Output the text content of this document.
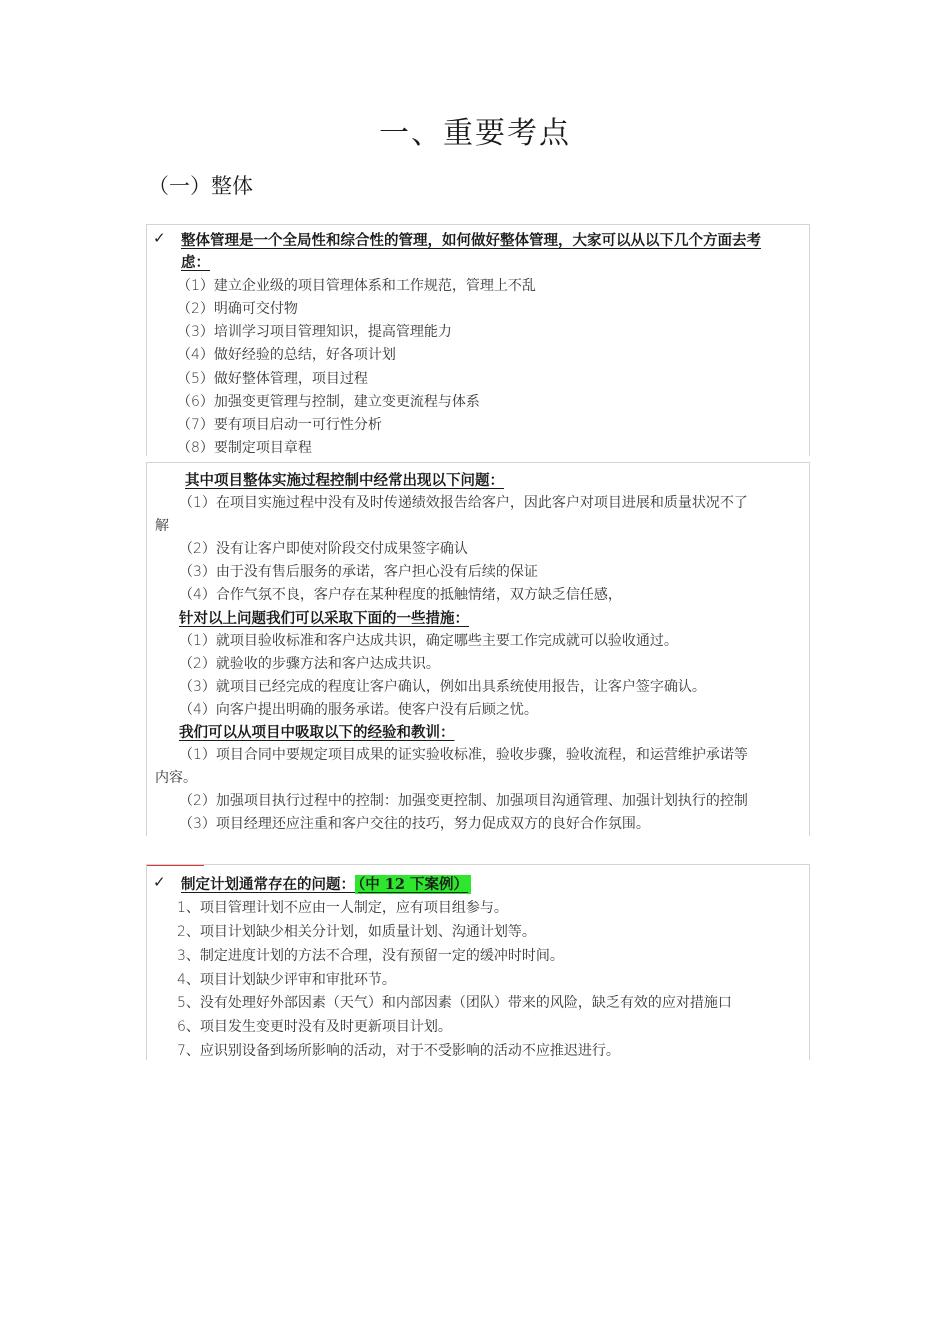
一、重要考点
（一）整体
✓ 整体管理是一个全局性和综合性的管理，如何做好整体管理，大家可以从以下几个方面去考
虑：
（1）建立企业级的项目管理体系和工作规范，管理上不乱
（2）明确可交付物
（3）培训学习项目管理知识，提高管理能力
（4）做好经验的总结，好各项计划
（5）做好整体管理，项目过程
（6）加强变更管理与控制，建立变更流程与体系
（7）要有项目启动一可行性分析
（8）要制定项目章程
其中项目整体实施过程控制中经常出现以下问题：
（1）在项目实施过程中没有及时传递绩效报告给客户，因此客户对项目进展和质量状况不了
解
（2）没有让客户即使对阶段交付成果签字确认
（3）由于没有售后服务的承诺，客户担心没有后续的保证
（4）合作气氛不良，客户存在某种程度的抵触情绪，双方缺乏信任感，
针对以上问题我们可以采取下面的一些措施：
（1）就项目验收标准和客户达成共识，确定哪些主要工作完成就可以验收通过。
（2）就验收的步骤方法和客户达成共识。
（3）就项目已经完成的程度让客户确认，例如出具系统使用报告，让客户签字确认。
（4）向客户提出明确的服务承诺。使客户没有后顾之忧。
我们可以从项目中吸取以下的经验和教训：
（1）项目合同中要规定项目成果的证实验收标准，验收步骤，验收流程，和运营维护承诺等
内容。
（2）加强项目执行过程中的控制：加强变更控制、加强项目沟通管理、加强计划执行的控制
（3）项目经理还应注重和客户交往的技巧，努力促成双方的良好合作氛围。
✓ 制定计划通常存在的问题： （中 12 下案例）
1、项目管理计划不应由一人制定，应有项目组参与。
2、项目计划缺少相关分计划，如质量计划、沟通计划等。
3、制定进度计划的方法不合理，没有预留一定的缓冲时时间。
4、项目计划缺少评审和审批环节。
5、没有处理好外部因素（天气）和内部因素（团队）带来的风险，缺乏有效的应对措施口
6、项目发生变更时没有及时更新项目计划。
7、应识别设备到场所影响的活动，对于不受影响的活动不应推迟进行。
